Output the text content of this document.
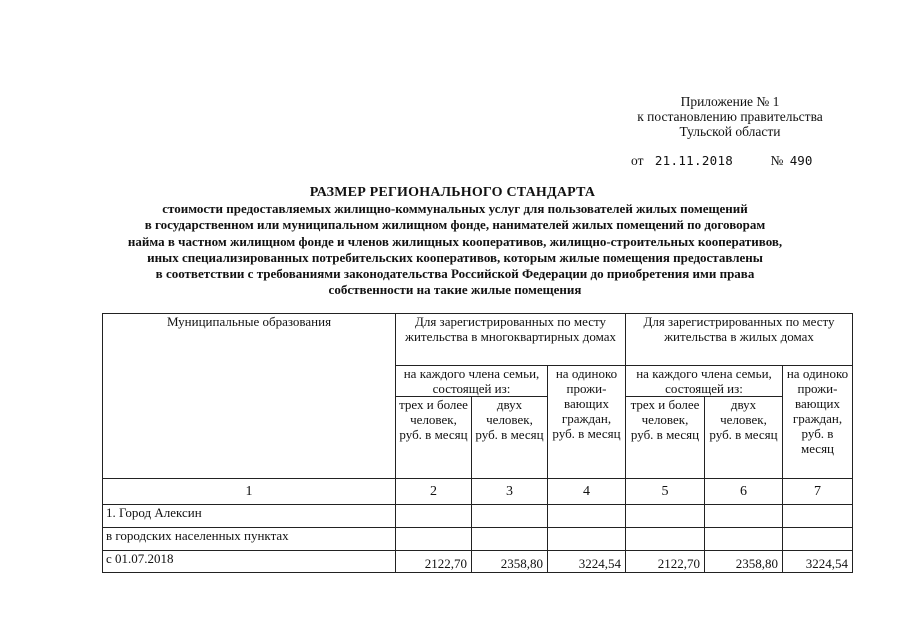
Приложение № 1
к постановлению правительства
Тульской области
от 21.11.2018	№ 490
РАЗМЕР РЕГИОНАЛЬНОГО СТАНДАРТА
стоимости предоставляемых жилищно-коммунальных услуг для пользователей жилых помещений
в государственном или муниципальном жилищном фонде, нанимателей жилых помещений по договорам
найма в частном жилищном фонде и членов жилищных кооперативов, жилищно-строительных кооперативов,
иных специализированных потребительских кооперативов, которым жилые помещения предоставлены
в соответствии с требованиями законодательства Российской Федерации до приобретения ими права
собственности на такие жилые помещения
Муниципальные образования	Для зарегистрированных по месту жительства в многоквартирных домах			Для зарегистрированных по месту жительства в жилых домах		
	на каждого члена семьи, состоящей из:		на одиноко прожи-вающих граждан, руб. в месяц	на каждого члена семьи, состоящей из:		на одиноко прожи-вающих граждан, руб. в месяц
	трех и более человек, руб. в месяц	двух человек, руб. в месяц		трех и более человек, руб. в месяц	двух человек, руб. в месяц	
1	2	3	4	5	6	7
1. Город Алексин						
в городских населенных пунктах						
с 01.07.2018	2122,70	2358,80	3224,54	2122,70	2358,80	3224,54
